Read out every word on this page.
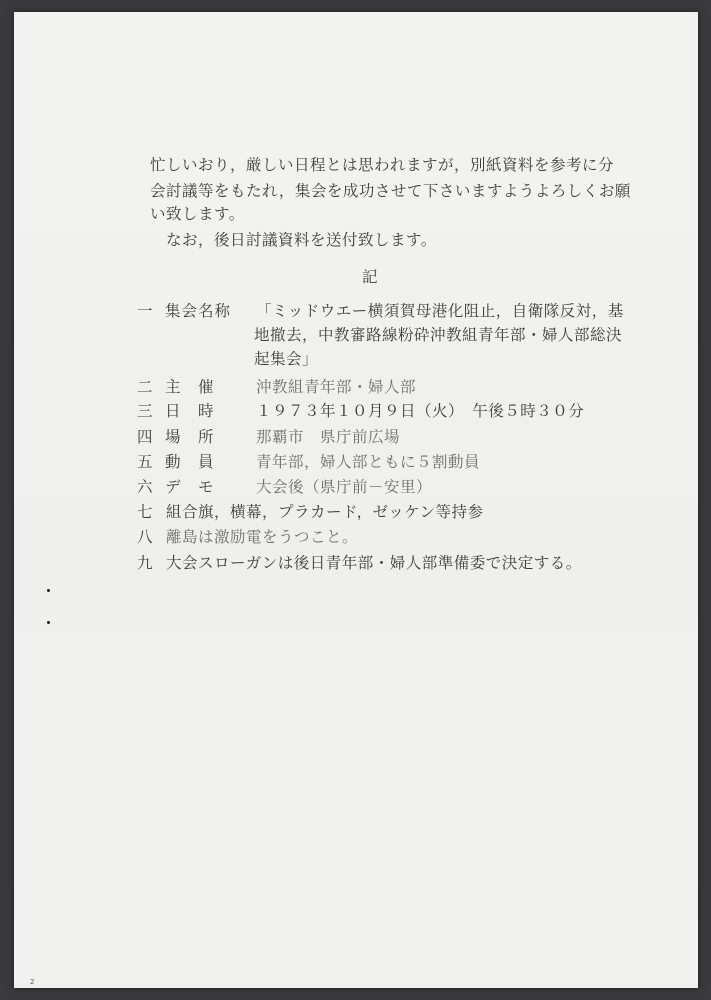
忙しいおり，厳しい日程とは思われますが，別紙資料を参考に分
会討議等をもたれ，集会を成功させて下さいますようよろしくお願
い致します。
なお，後日討議資料を送付致します。
記
一 集会名称 「ミッドウエー横須賀母港化阻止，自衛隊反対，基
地撤去，中教審路線粉砕沖教組青年部・婦人部総決
起集会」
二 主　催	沖教組青年部・婦人部
三 日　時	１９７３年１０月９日（火）　午後５時３０分
四 場　所	那覇市　県庁前広場
五 動　員	青年部，婦人部ともに５割動員
六 デ　モ	大会後（県庁前－安里）
七 組合旗，横幕，プラカード，ゼッケン等持参
八 離島は激励電をうつこと。
九 大会スローガンは後日青年部・婦人部準備委で決定する。
2
